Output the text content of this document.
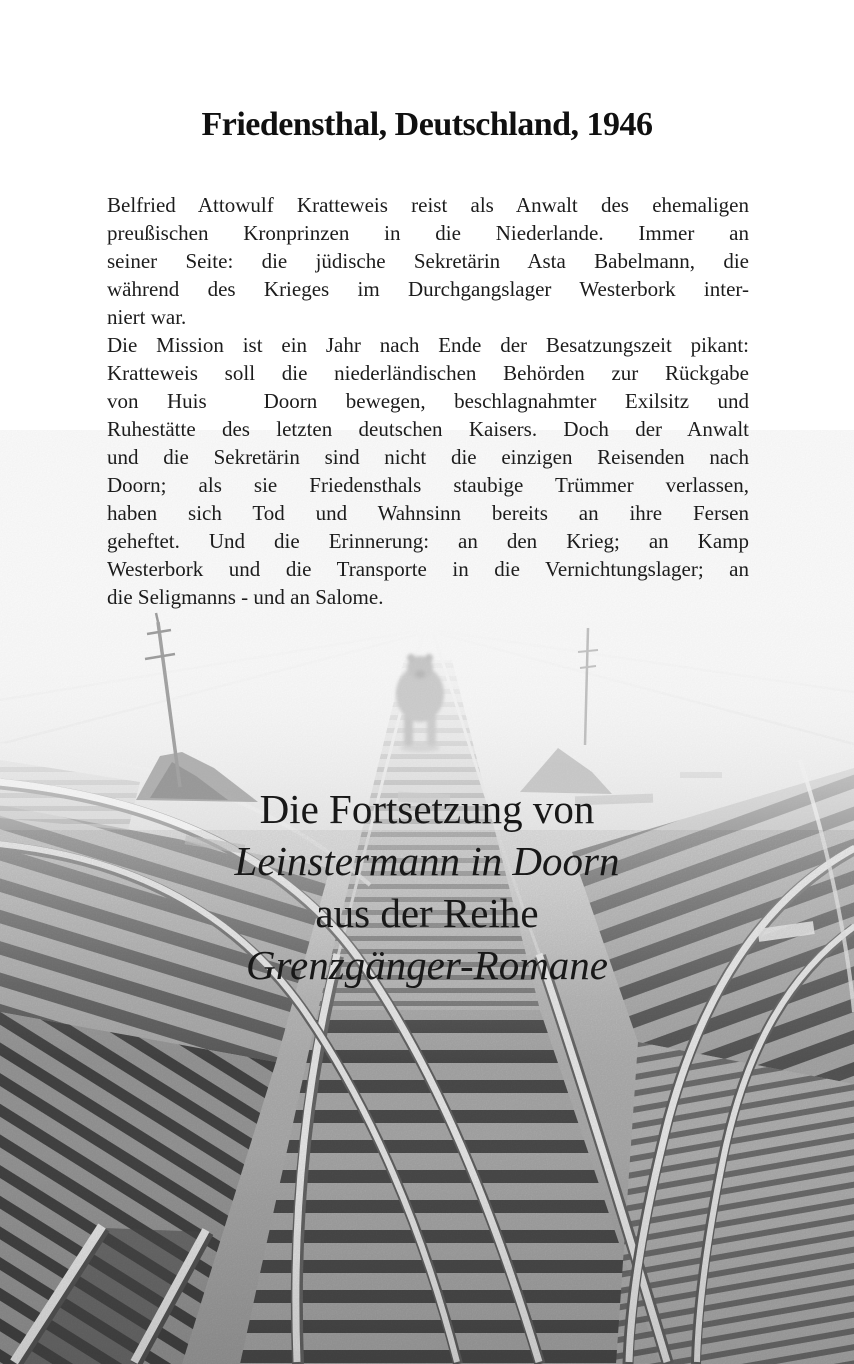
Friedensthal, Deutschland, 1946
Belfried Attowulf Kratteweis reist als Anwalt des ehemaligen
preußischen Kronprinzen in die Niederlande. Immer an
seiner Seite: die jüdische Sekretärin Asta Babelmann, die
während des Krieges im Durchgangslager Westerbork inter-
niert war.
Die Mission ist ein Jahr nach Ende der Besatzungszeit pikant:
Kratteweis soll die niederländischen Behörden zur Rückgabe
von Huis  Doorn bewegen, beschlagnahmter Exilsitz und
Ruhestätte des letzten deutschen Kaisers. Doch der Anwalt
und die Sekretärin sind nicht die einzigen Reisenden nach
Doorn; als sie Friedensthals staubige Trümmer verlassen,
haben sich Tod und Wahnsinn bereits an ihre Fersen
geheftet. Und die Erinnerung: an den Krieg; an Kamp
Westerbork und die Transporte in die Vernichtungslager; an
die Seligmanns - und an Salome.
Die Fortsetzung von
Leinstermann in Doorn
aus der Reihe
Grenzgänger-Romane
